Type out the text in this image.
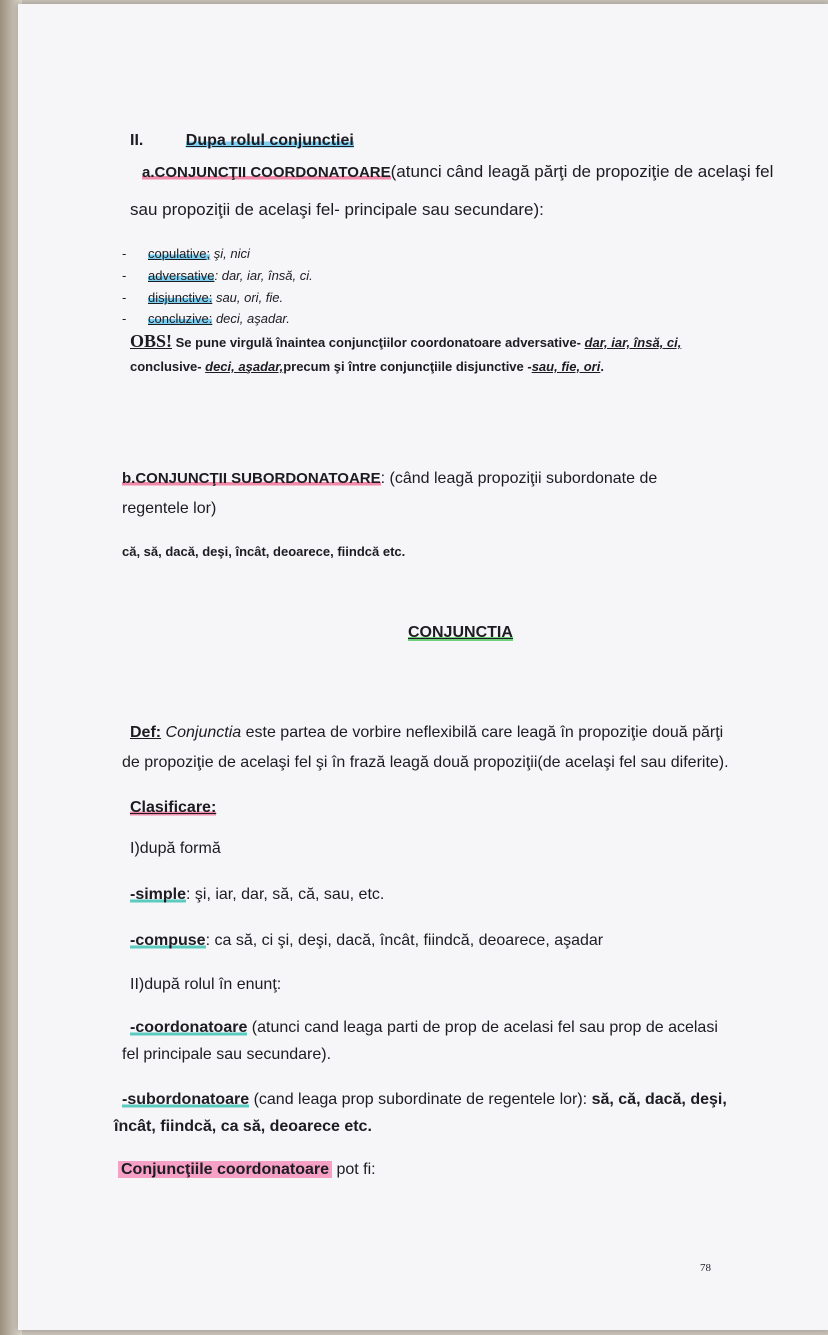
II.	Dupa rolul conjunctiei
a.CONJUNCŢII COORDONATOARE(atunci când leagă părţi de propoziţie de acelaşi fel
sau propoziţii de acelaşi fel- principale sau secundare):
- copulative; şi, nici
- adversative: dar, iar, însă, ci.
- disjunctive: sau, ori, fie.
- concluzive: deci, aşadar.
OBS! Se pune virgulă înaintea conjuncţiilor coordonatoare adversative- dar, iar, însă, ci,
conclusive- deci, aşadar,precum şi între conjuncţiile disjunctive -sau, fie, ori.
b.CONJUNCŢII SUBORDONATOARE: (când leagă propoziţii subordonate de
regentele lor)
că, să, dacă, deşi, încât, deoarece, fiindcă etc.
CONJUNCTIA
Def: Conjunctia este partea de vorbire neflexibilă care leagă în propoziţie două părţi
de propoziţie de acelaşi fel şi în frază leagă două propoziţii(de acelaşi fel sau diferite).
Clasificare:
I)după formă
-simple: şi, iar, dar, să, că, sau, etc.
-compuse: ca să, ci şi, deşi, dacă, încât, fiindcă, deoarece, aşadar
II)după rolul în enunţ:
-coordonatoare (atunci cand leaga parti de prop de acelasi fel sau prop de acelasi
fel principale sau secundare).
-subordonatoare (cand leaga prop subordinate de regentele lor): să, că, dacă, deşi,
încât, fiindcă, ca să, deoarece etc.
Conjuncţiile coordonatoare pot fi:
78
